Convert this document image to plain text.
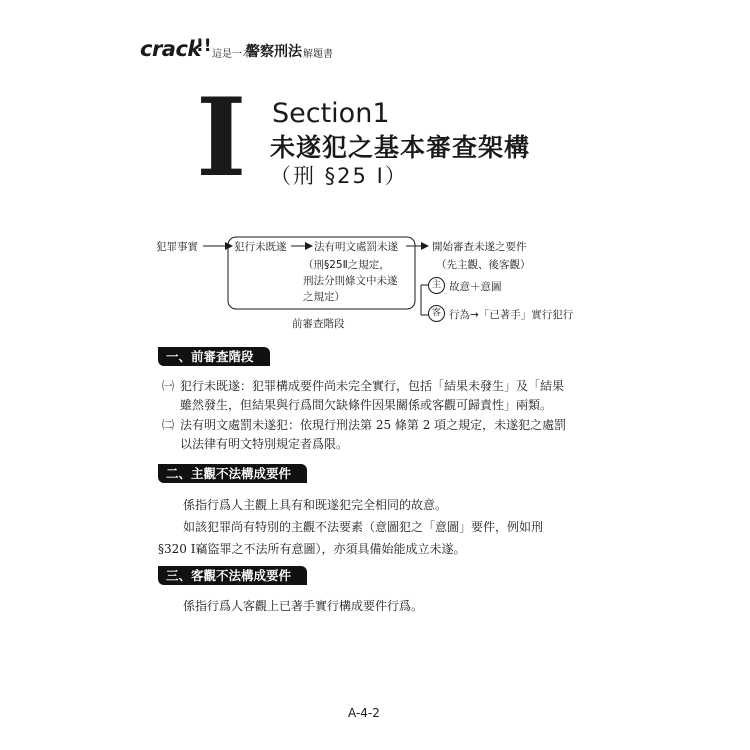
crack
!! 這是一本
警察刑法 解題書
I Section1
未遂犯之基本審查架構
（刑 §25 Ⅰ）
犯罪事實	犯行未既遂	法有明文處罰未遂
（刑§25Ⅱ之規定，
刑法分則條文中未遂
之規定）
開始審查未遂之要件
（先主觀、後客觀）
主 故意＋意圖
客 行為→「已著手」實行犯行
前審查階段
一、前審查階段
㈠ 犯行未既遂：犯罪構成要件尚未完全實行，包括「結果未發生」及「結果
雖然發生，但結果與行爲間欠缺條件因果關係或客觀可歸責性」兩類。
㈡ 法有明文處罰未遂犯：依現行刑法第 25 條第 2 項之規定，未遂犯之處罰
以法律有明文特別規定者爲限。
二、主觀不法構成要件
係指行爲人主觀上具有和既遂犯完全相同的故意。
如該犯罪尚有特別的主觀不法要素（意圖犯之「意圖」要件，例如刑
§320 Ⅰ竊盜罪之不法所有意圖），亦須具備始能成立未遂。
三、客觀不法構成要件
係指行爲人客觀上已著手實行構成要件行爲。
A-4-2
